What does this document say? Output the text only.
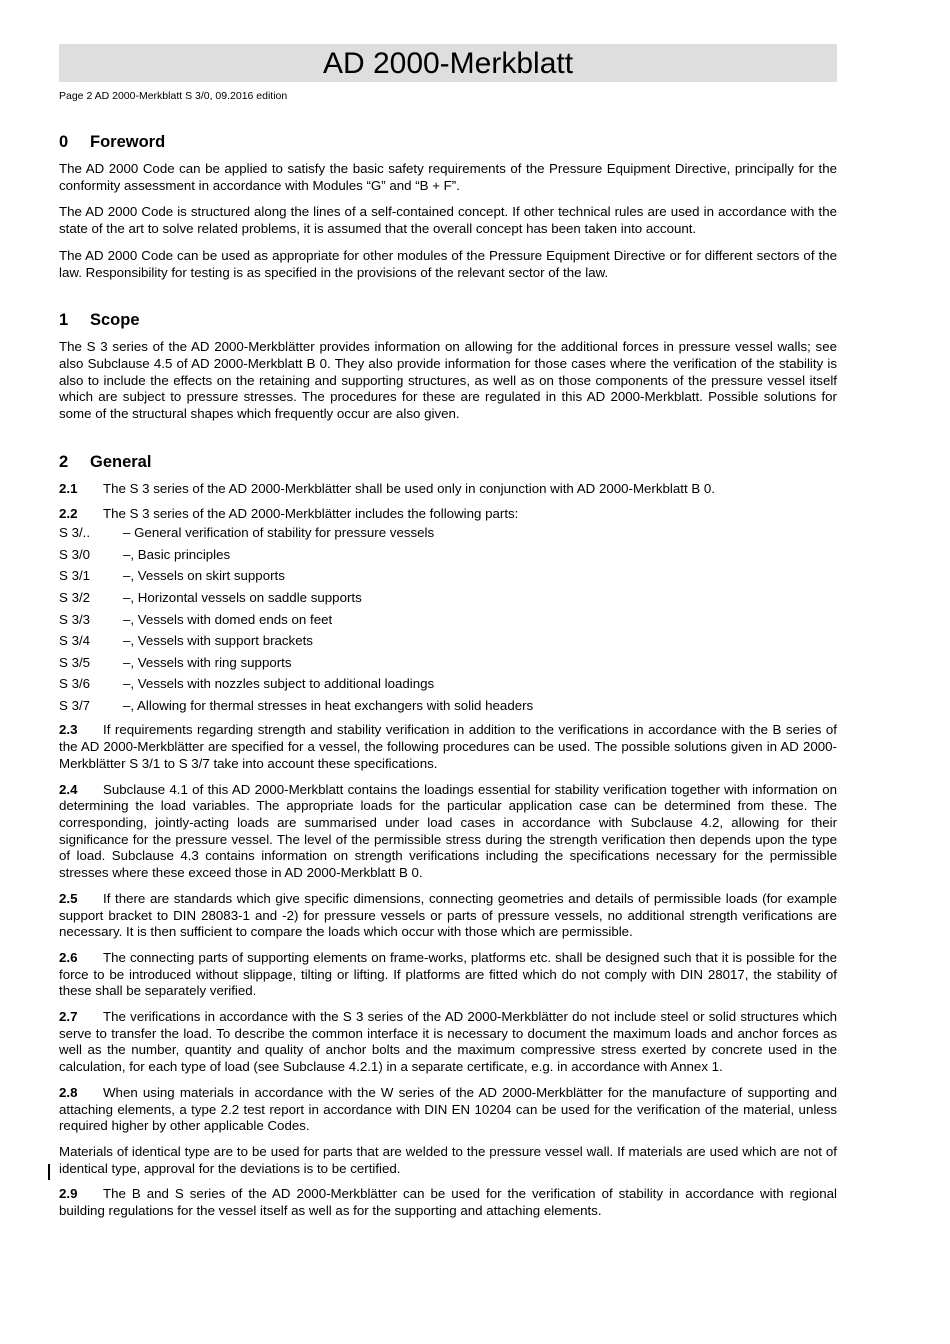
AD 2000-Merkblatt
Page 2 AD 2000-Merkblatt S 3/0, 09.2016 edition
0 Foreword

The AD 2000 Code can be applied to satisfy the basic safety requirements of the Pressure Equipment Directive, principally for the conformity assessment in accordance with Modules “G” and “B + F”.

The AD 2000 Code is structured along the lines of a self-contained concept. If other technical rules are used in accordance with the state of the art to solve related problems, it is assumed that the overall concept has been taken into account.

The AD 2000 Code can be used as appropriate for other modules of the Pressure Equipment Directive or for different sectors of the law. Responsibility for testing is as specified in the provisions of the relevant sector of the law.

1 Scope

The S 3 series of the AD 2000-Merkblätter provides information on allowing for the additional forces in pressure vessel walls; see also Subclause 4.5 of AD 2000-Merkblatt B 0. They also provide information for those cases where the verification of the stability is also to include the effects on the retaining and supporting structures, as well as on those components of the pressure vessel itself which are subject to pressure stresses. The procedures for these are regulated in this AD 2000-Merkblatt. Possible solutions for some of the structural shapes which frequently occur are also given.

2 General

2.1 The S 3 series of the AD 2000-Merkblätter shall be used only in conjunction with AD 2000-Merkblatt B 0.

2.2 The S 3 series of the AD 2000-Merkblätter includes the following parts:

S 3/.. – General verification of stability for pressure vessels
S 3/0 –, Basic principles
S 3/1 –, Vessels on skirt supports
S 3/2 –, Horizontal vessels on saddle supports
S 3/3 –, Vessels with domed ends on feet
S 3/4 –, Vessels with support brackets
S 3/5 –, Vessels with ring supports
S 3/6 –, Vessels with nozzles subject to additional loadings
S 3/7 –, Allowing for thermal stresses in heat exchangers with solid headers

2.3 If requirements regarding strength and stability verification in addition to the verifications in accordance with the B series of the AD 2000-Merkblätter are specified for a vessel, the following procedures can be used. The possible solutions given in AD 2000-Merkblätter S 3/1 to S 3/7 take into account these specifications.

2.4 Subclause 4.1 of this AD 2000-Merkblatt contains the loadings essential for stability verification together with information on determining the load variables. The appropriate loads for the particular application case can be determined from these. The corresponding, jointly-acting loads are summarised under load cases in accordance with Subclause 4.2, allowing for their significance for the pressure vessel. The level of the permissible stress during the strength verification then depends upon the type of load. Subclause 4.3 contains information on strength verifications including the specifications necessary for the permissible stresses where these exceed those in AD 2000-Merkblatt B 0.

2.5 If there are standards which give specific dimensions, connecting geometries and details of permissible loads (for example support bracket to DIN 28083-1 and -2) for pressure vessels or parts of pressure vessels, no additional strength verifications are necessary. It is then sufficient to compare the loads which occur with those which are permissible.

2.6 The connecting parts of supporting elements on frame-works, platforms etc. shall be designed such that it is possible for the force to be introduced without slippage, tilting or lifting. If platforms are fitted which do not comply with DIN 28017, the stability of these shall be separately verified.

2.7 The verifications in accordance with the S 3 series of the AD 2000-Merkblätter do not include steel or solid structures which serve to transfer the load. To describe the common interface it is necessary to document the maximum loads and anchor forces as well as the number, quantity and quality of anchor bolts and the maximum compressive stress exerted by concrete used in the calculation, for each type of load (see Subclause 4.2.1) in a separate certificate, e.g. in accordance with Annex 1.

2.8 When using materials in accordance with the W series of the AD 2000-Merkblätter for the manufacture of supporting and attaching elements, a type 2.2 test report in accordance with DIN EN 10204 can be used for the verification of the material, unless required higher by other applicable Codes.

Materials of identical type are to be used for parts that are welded to the pressure vessel wall. If materials are used which are not of identical type, approval for the deviations is to be certified.

2.9 The B and S series of the AD 2000-Merkblätter can be used for the verification of stability in accordance with regional building regulations for the vessel itself as well as for the supporting and attaching elements.
